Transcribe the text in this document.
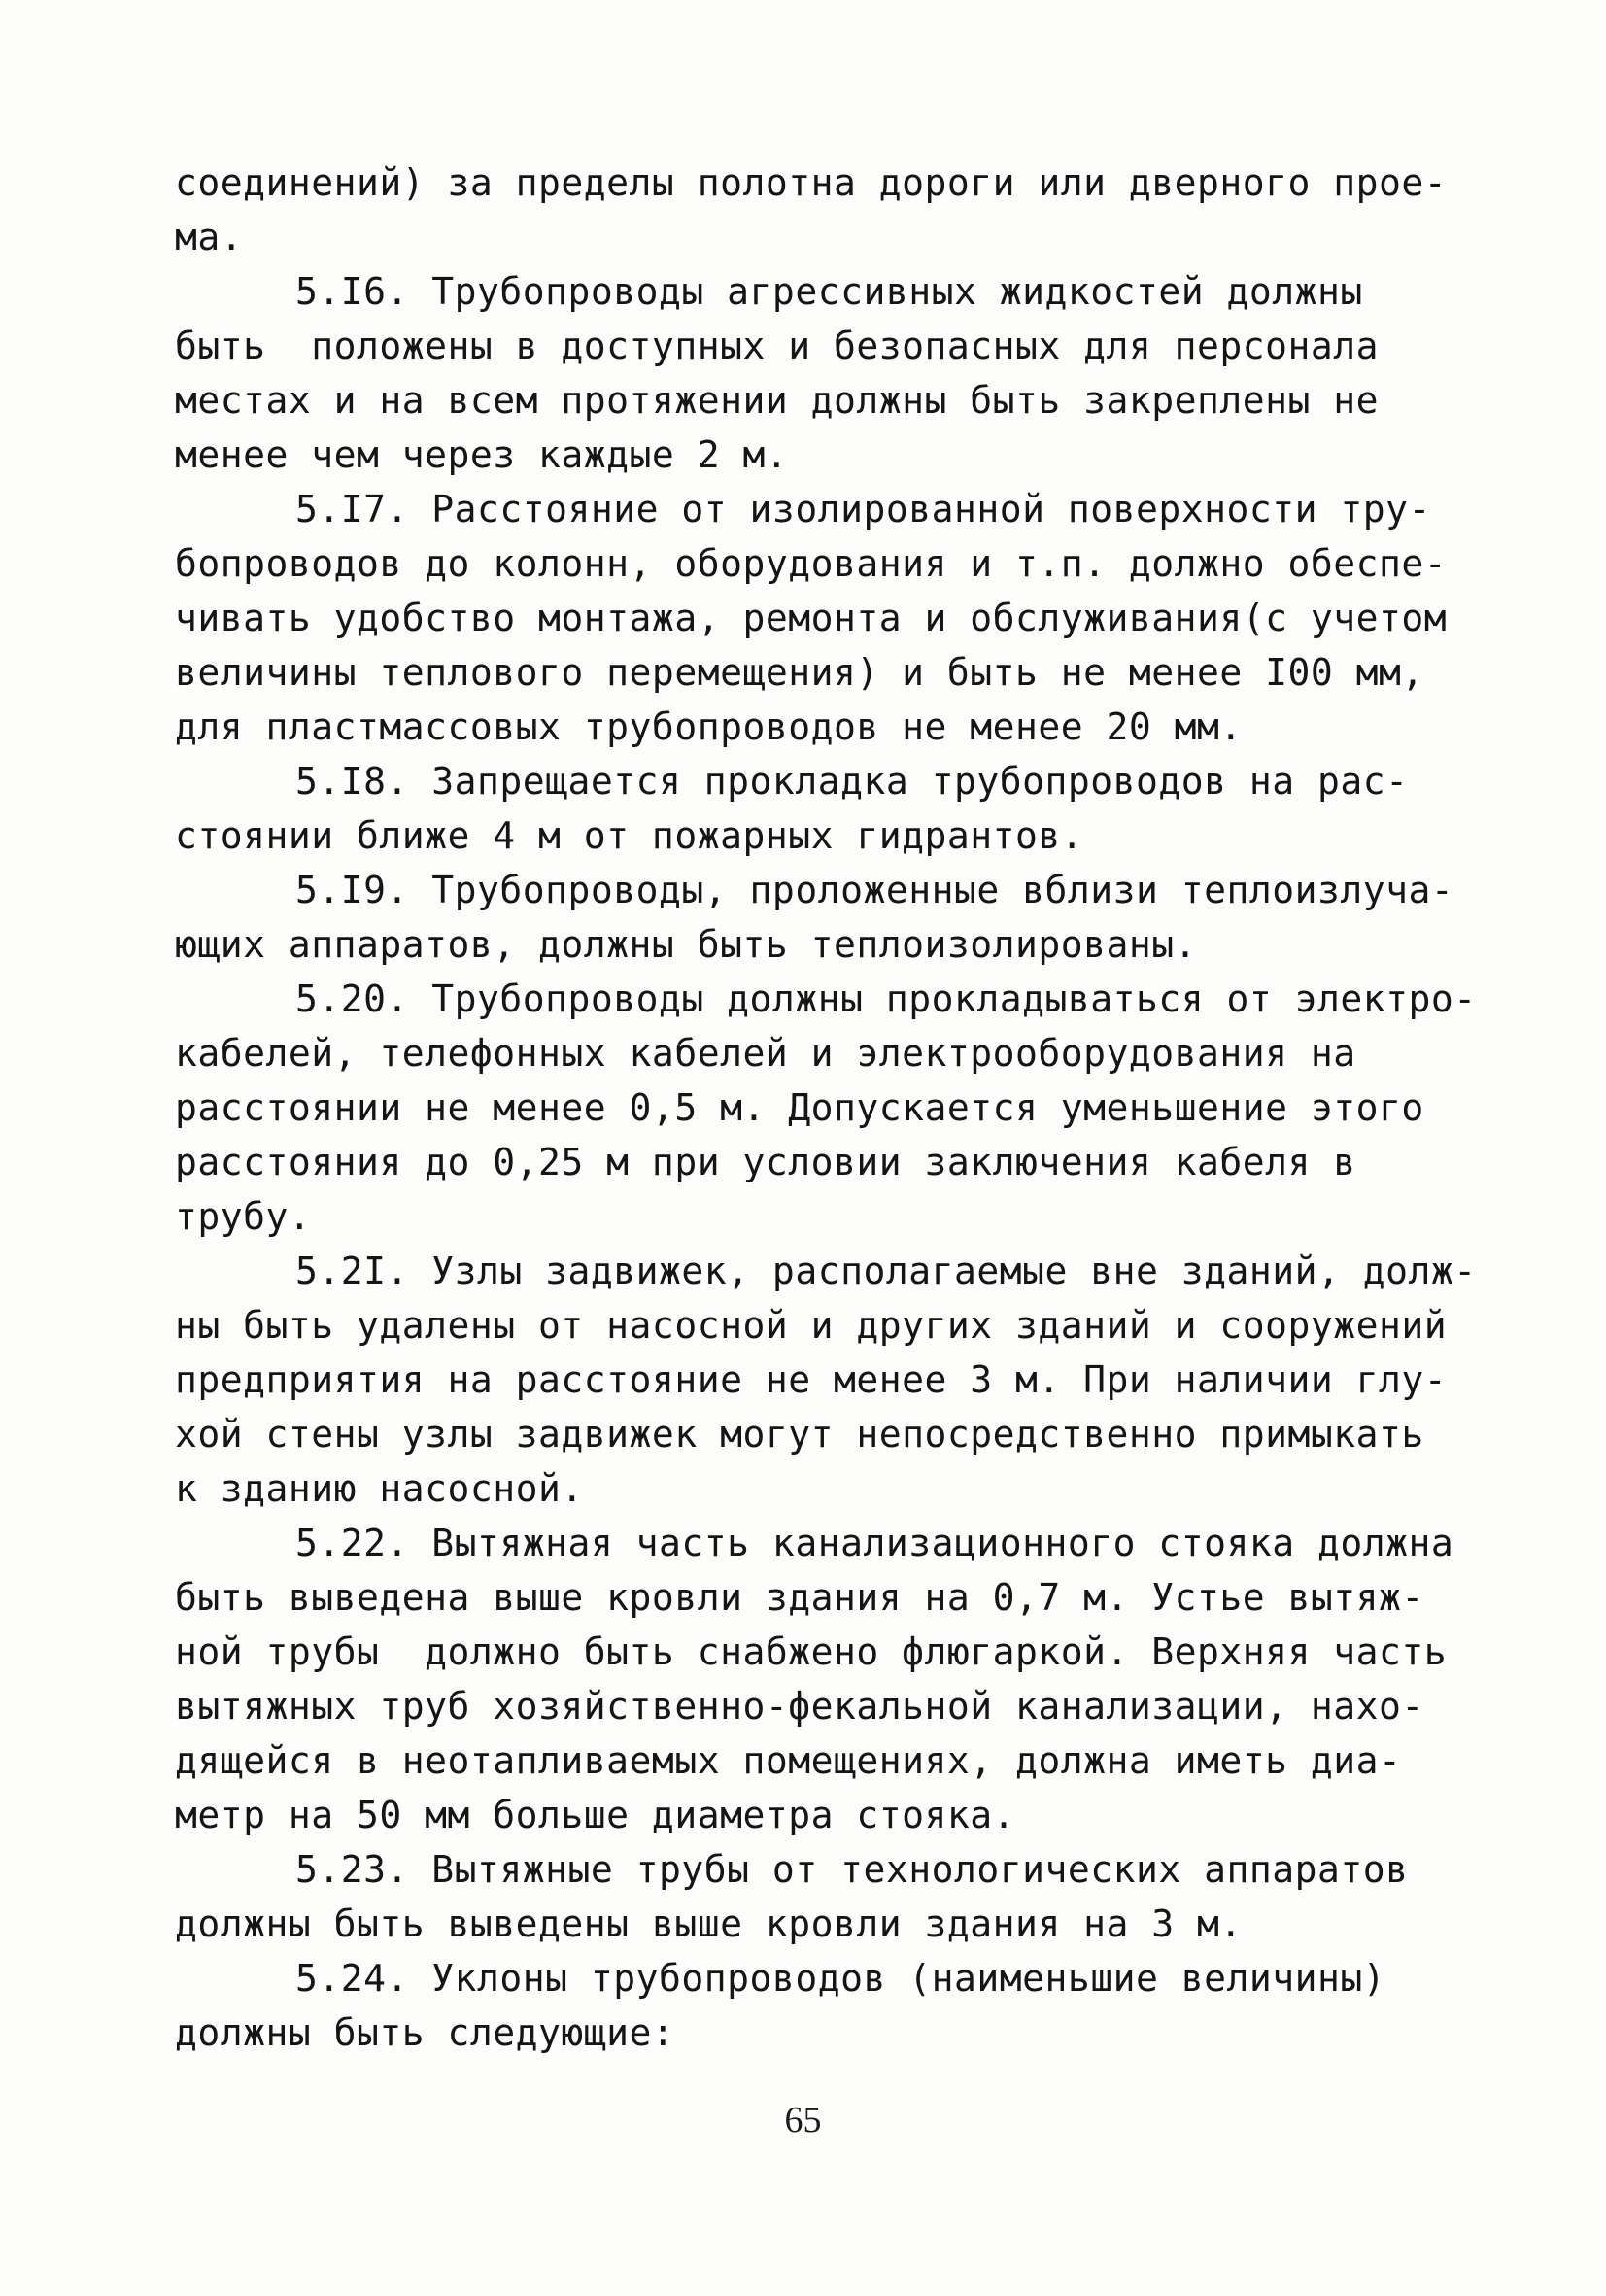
соединений) за пределы полотна дороги или дверного прое-
ма.
5.I6. Трубопроводы агрессивных жидкостей должны
быть  положены в доступных и безопасных для персонала
местах и на всем протяжении должны быть закреплены не
менее чем через каждые 2 м.
5.I7. Расстояние от изолированной поверхности тру-
бопроводов до колонн, оборудования и т.п. должно обеспе-
чивать удобство монтажа, ремонта и обслуживания(с учетом
величины теплового перемещения) и быть не менее I00 мм,
для пластмассовых трубопроводов не менее 20 мм.
5.I8. Запрещается прокладка трубопроводов на рас-
стоянии ближе 4 м от пожарных гидрантов.
5.I9. Трубопроводы, проложенные вблизи теплоизлуча-
ющих аппаратов, должны быть теплоизолированы.
5.20. Трубопроводы должны прокладываться от электро-
кабелей, телефонных кабелей и электрооборудования на
расстоянии не менее 0,5 м. Допускается уменьшение этого
расстояния до 0,25 м при условии заключения кабеля в
трубу.
5.2I. Узлы задвижек, располагаемые вне зданий, долж-
ны быть удалены от насосной и других зданий и сооружений
предприятия на расстояние не менее 3 м. При наличии глу-
хой стены узлы задвижек могут непосредственно примыкать
к зданию насосной.
5.22. Вытяжная часть канализационного стояка должна
быть выведена выше кровли здания на 0,7 м. Устье вытяж-
ной трубы  должно быть снабжено флюгаркой. Верхняя часть
вытяжных труб хозяйственно-фекальной канализации, нахо-
дящейся в неотапливаемых помещениях, должна иметь диа-
метр на 50 мм больше диаметра стояка.
5.23. Вытяжные трубы от технологических аппаратов
должны быть выведены выше кровли здания на 3 м.
5.24. Уклоны трубопроводов (наименьшие величины)
должны быть следующие:
65
